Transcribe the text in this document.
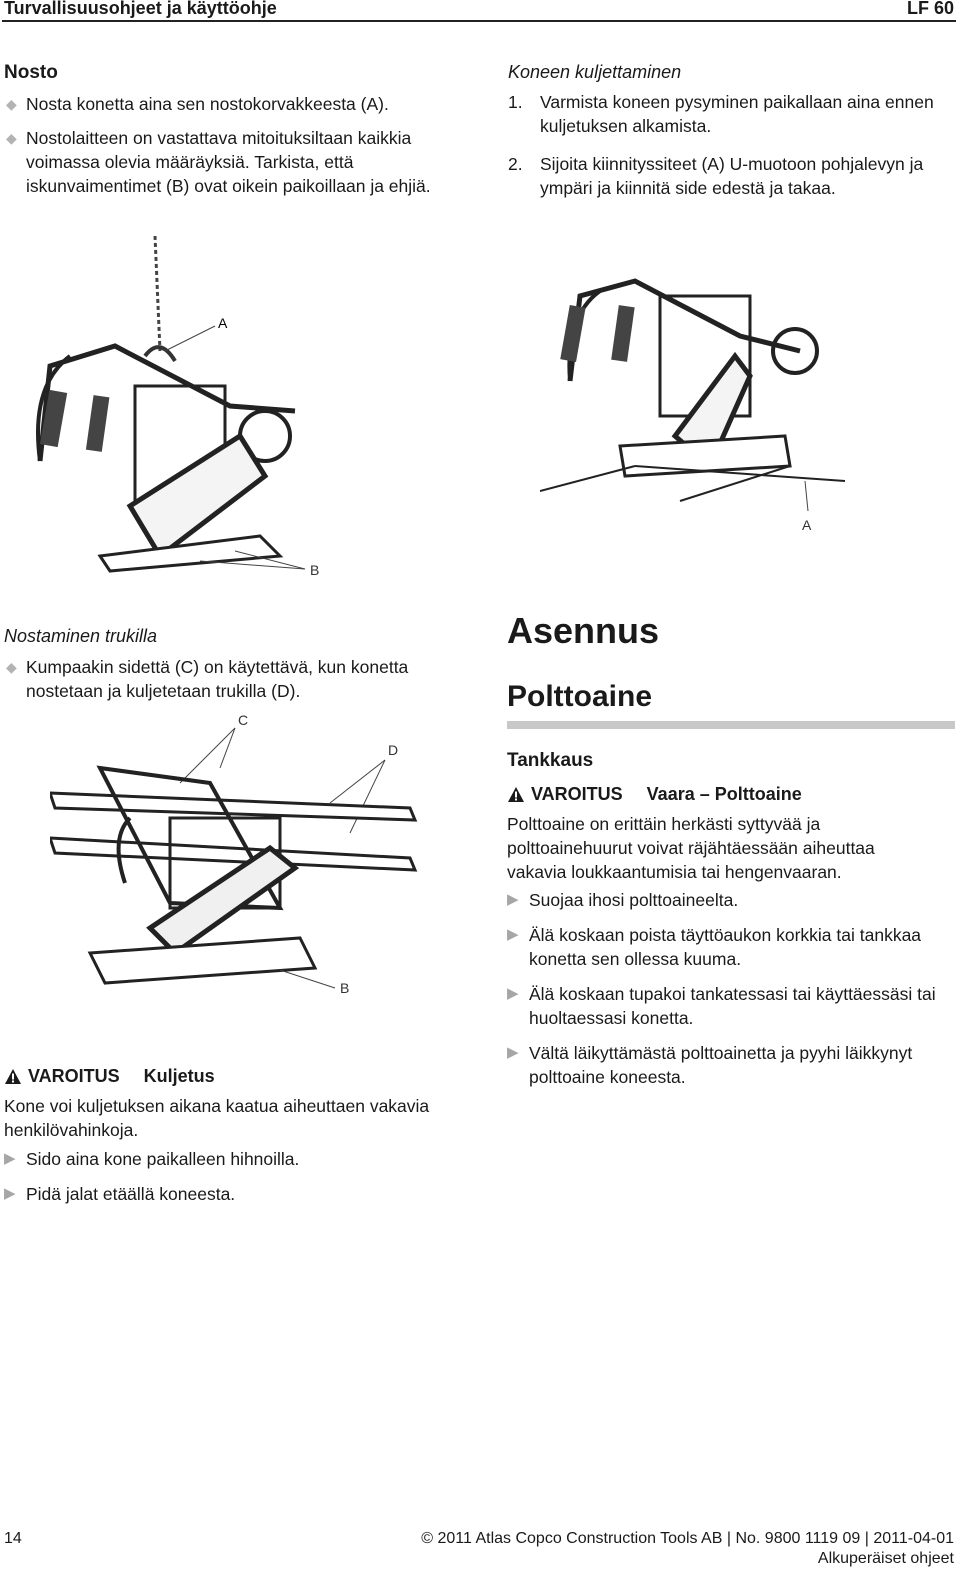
Turvallisuusohjeet ja käyttöohje	LF 60
Nosto
◆ Nosta konetta aina sen nostokorvakkeesta (A).
◆ Nostolaitteen on vastattava mitoituksiltaan kaikkia voimassa olevia määräyksiä. Tarkista, että iskunvaimentimet (B) ovat oikein paikoillaan ja ehjiä.
A
B
Koneen kuljettaminen
1. Varmista koneen pysyminen paikallaan aina ennen kuljetuksen alkamista.
2. Sijoita kiinnityssiteet (A) U-muotoon pohjalevyn ja ympäri ja kiinnitä side edestä ja takaa.
A
Nostaminen trukilla
◆ Kumpaakin sidettä (C) on käytettävä, kun konetta nostetaan ja kuljetetaan trukilla (D).
C
D
B
VAROITUS Kuljetus
Kone voi kuljetuksen aikana kaatua aiheuttaen vakavia henkilövahinkoja.
▶ Sido aina kone paikalleen hihnoilla.
▶ Pidä jalat etäällä koneesta.
Asennus
Polttoaine
Tankkaus
VAROITUS Vaara – Polttoaine
Polttoaine on erittäin herkästi syttyvää ja polttoainehuurut voivat räjähtäessään aiheuttaa vakavia loukkaantumisia tai hengenvaaran.
▶ Suojaa ihosi polttoaineelta.
▶ Älä koskaan poista täyttöaukon korkkia tai tankkaa konetta sen ollessa kuuma.
▶ Älä koskaan tupakoi tankatessasi tai käyttäessäsi tai huoltaessasi konetta.
▶ Vältä läikyttämästä polttoainetta ja pyyhi läikkynyt polttoaine koneesta.
14	© 2011 Atlas Copco Construction Tools AB | No. 9800 1119 09 | 2011-04-01
Alkuperäiset ohjeet
